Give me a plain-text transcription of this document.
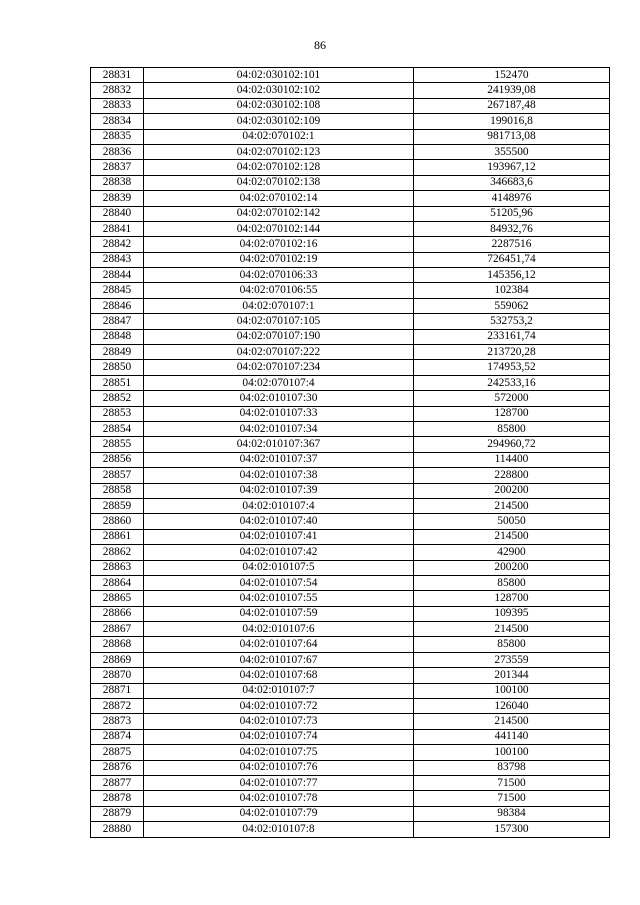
86
28831	04:02:030102:101	152470
28832	04:02:030102:102	241939,08
28833	04:02:030102:108	267187,48
28834	04:02:030102:109	199016,8
28835	04:02:070102:1	981713,08
28836	04:02:070102:123	355500
28837	04:02:070102:128	193967,12
28838	04:02:070102:138	346683,6
28839	04:02:070102:14	4148976
28840	04:02:070102:142	51205,96
28841	04:02:070102:144	84932,76
28842	04:02:070102:16	2287516
28843	04:02:070102:19	726451,74
28844	04:02:070106:33	145356,12
28845	04:02:070106:55	102384
28846	04:02:070107:1	559062
28847	04:02:070107:105	532753,2
28848	04:02:070107:190	233161,74
28849	04:02:070107:222	213720,28
28850	04:02:070107:234	174953,52
28851	04:02:070107:4	242533,16
28852	04:02:010107:30	572000
28853	04:02:010107:33	128700
28854	04:02:010107:34	85800
28855	04:02:010107:367	294960,72
28856	04:02:010107:37	114400
28857	04:02:010107:38	228800
28858	04:02:010107:39	200200
28859	04:02:010107:4	214500
28860	04:02:010107:40	50050
28861	04:02:010107:41	214500
28862	04:02:010107:42	42900
28863	04:02:010107:5	200200
28864	04:02:010107:54	85800
28865	04:02:010107:55	128700
28866	04:02:010107:59	109395
28867	04:02:010107:6	214500
28868	04:02:010107:64	85800
28869	04:02:010107:67	273559
28870	04:02:010107:68	201344
28871	04:02:010107:7	100100
28872	04:02:010107:72	126040
28873	04:02:010107:73	214500
28874	04:02:010107:74	441140
28875	04:02:010107:75	100100
28876	04:02:010107:76	83798
28877	04:02:010107:77	71500
28878	04:02:010107:78	71500
28879	04:02:010107:79	98384
28880	04:02:010107:8	157300
